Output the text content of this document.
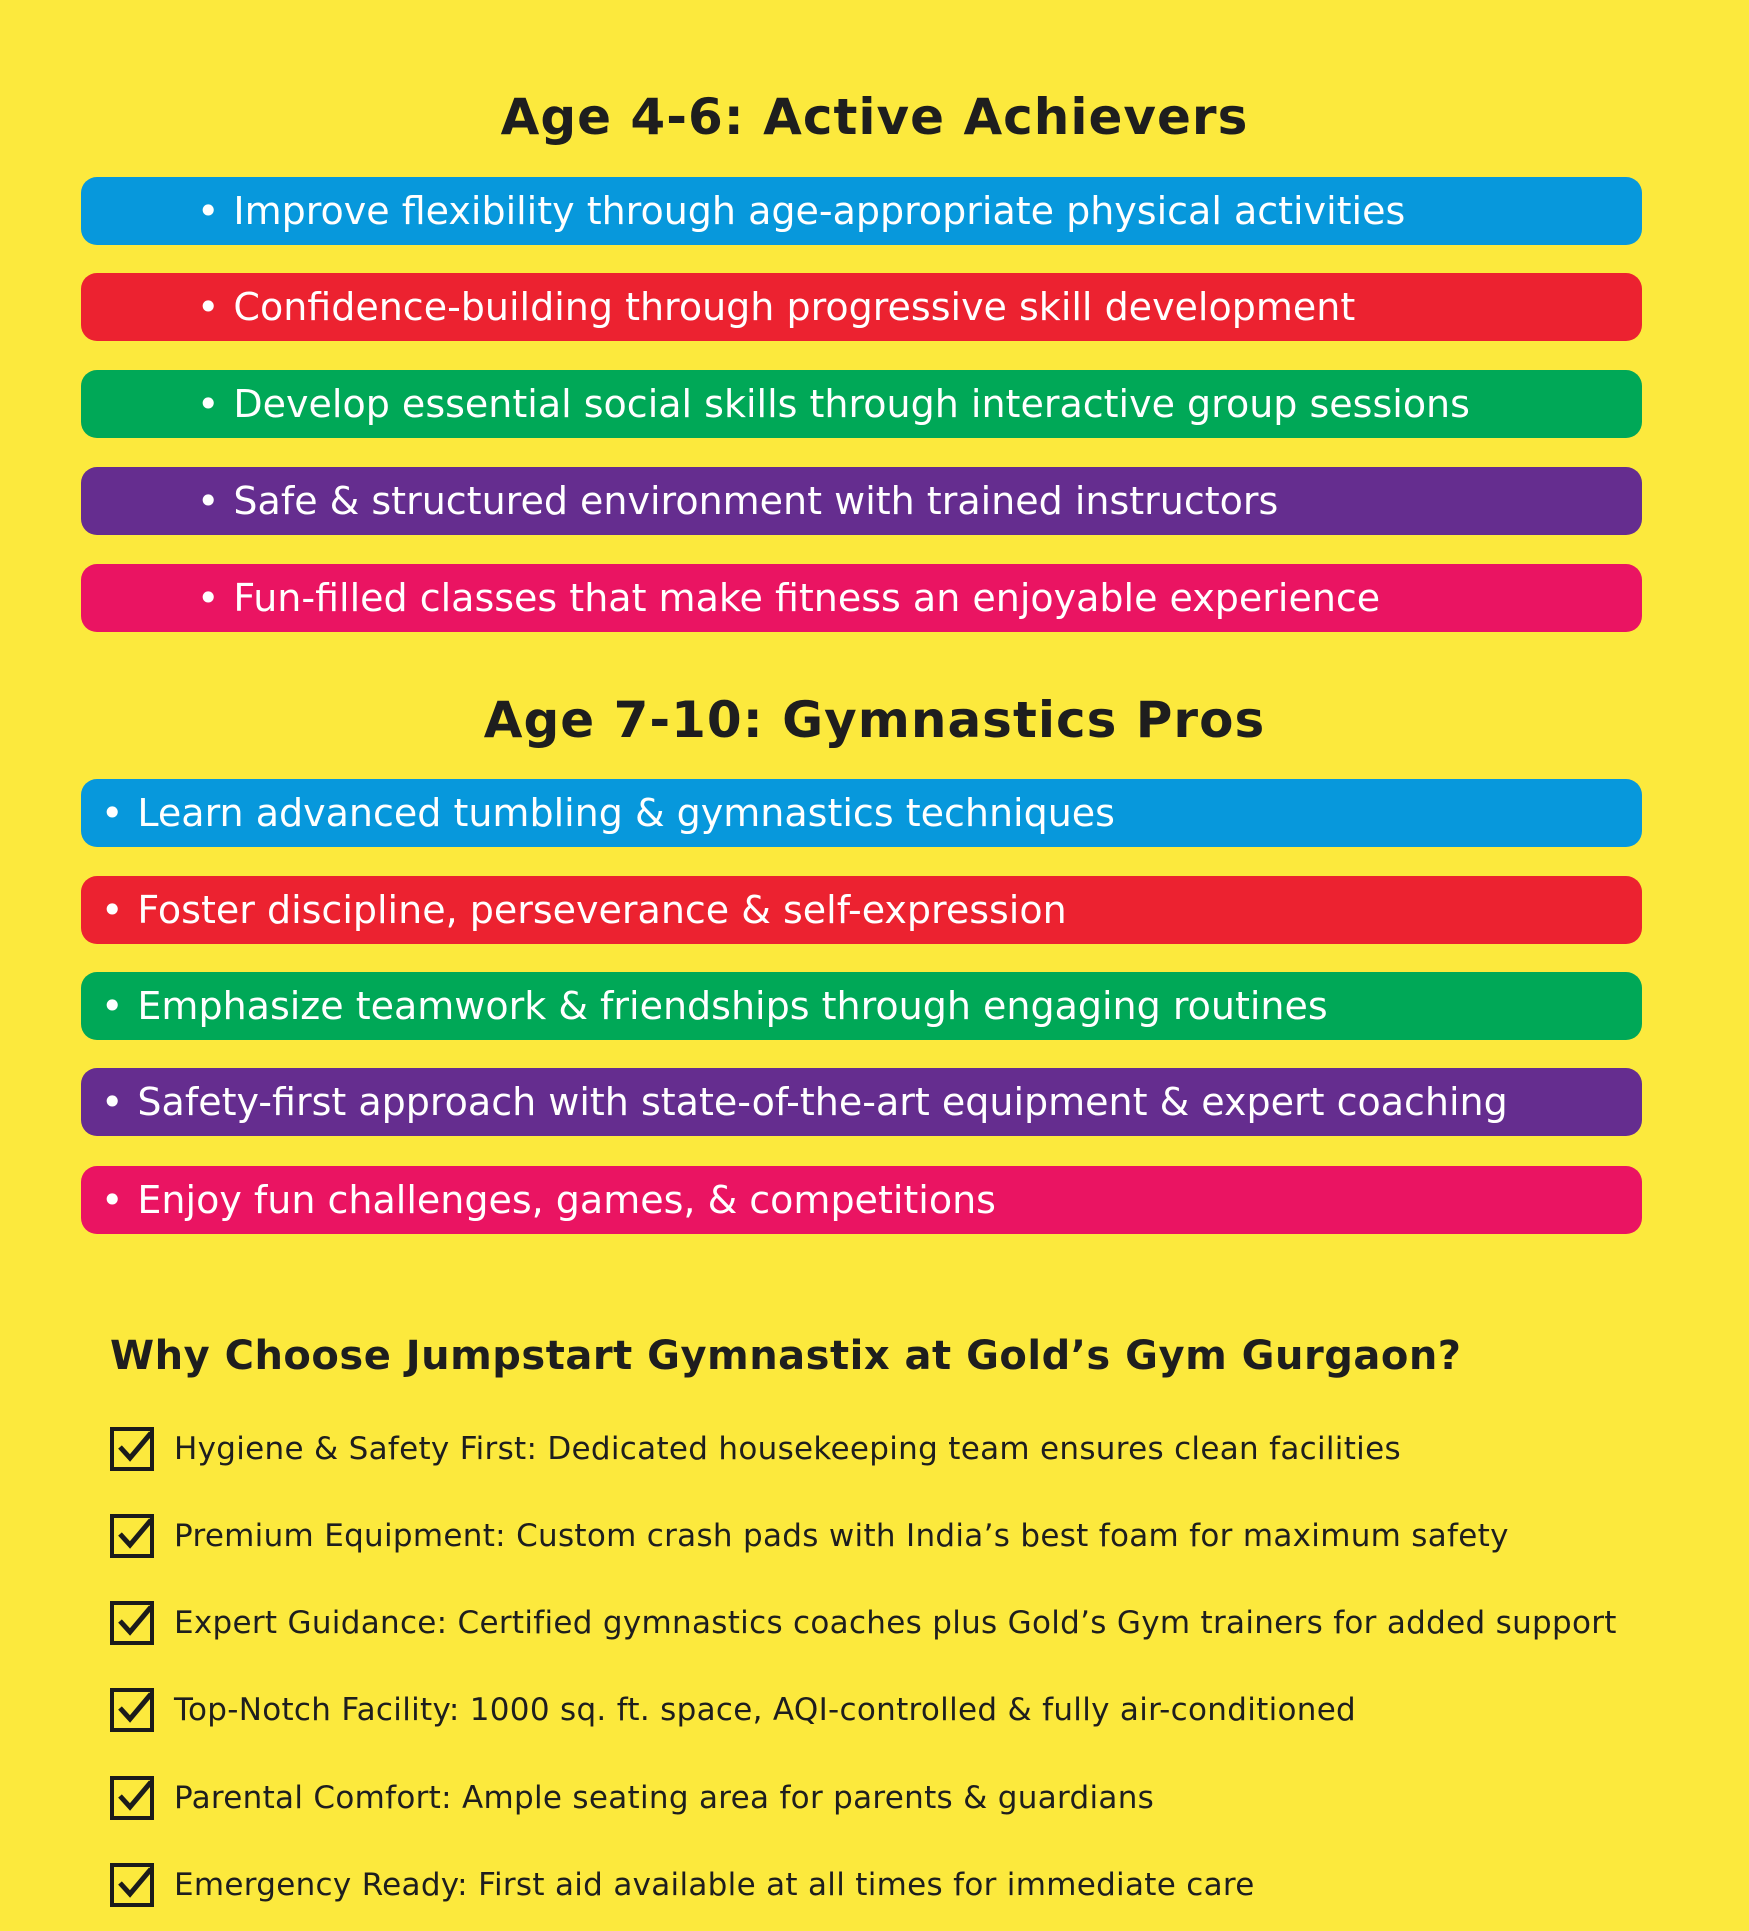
Age 4-6: Active Achievers
• Improve flexibility through age-appropriate physical activities
• Confidence-building through progressive skill development
• Develop essential social skills through interactive group sessions
• Safe & structured environment with trained instructors
• Fun-filled classes that make fitness an enjoyable experience
Age 7-10: Gymnastics Pros
• Learn advanced tumbling & gymnastics techniques
• Foster discipline, perseverance & self-expression
• Emphasize teamwork & friendships through engaging routines
• Safety-first approach with state-of-the-art equipment & expert coaching
• Enjoy fun challenges, games, & competitions
Why Choose Jumpstart Gymnastix at Gold’s Gym Gurgaon?
Hygiene & Safety First: Dedicated housekeeping team ensures clean facilities
Premium Equipment: Custom crash pads with India’s best foam for maximum safety
Expert Guidance: Certified gymnastics coaches plus Gold’s Gym trainers for added support
Top-Notch Facility: 1000 sq. ft. space, AQI-controlled & fully air-conditioned
Parental Comfort: Ample seating area for parents & guardians
Emergency Ready: First aid available at all times for immediate care
